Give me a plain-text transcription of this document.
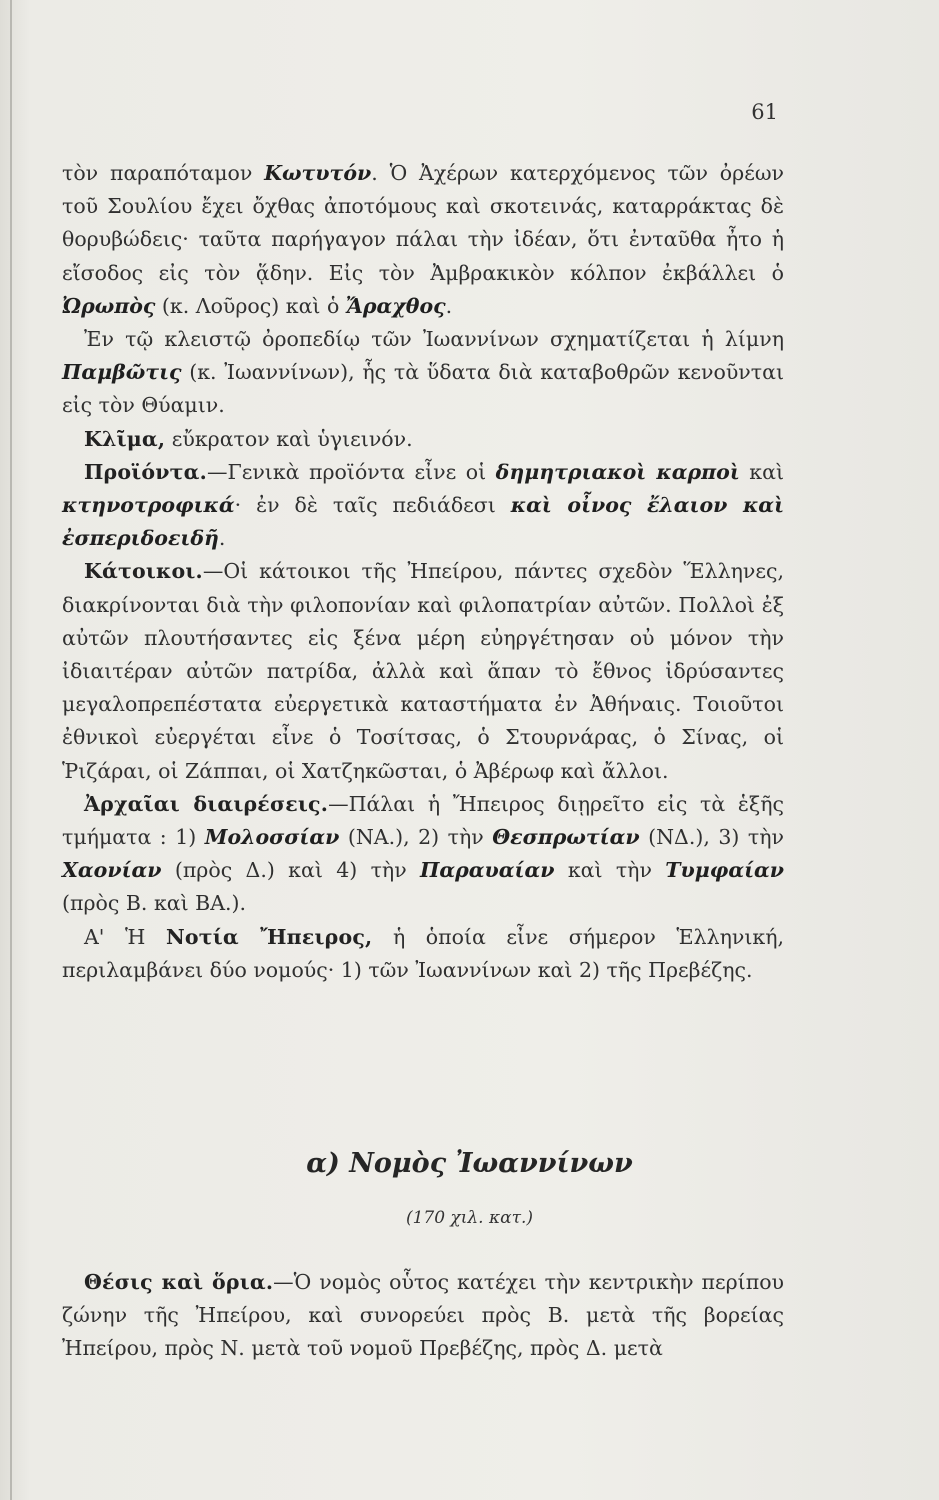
61

τὸν παραπόταμον Κωτυτόν. Ὁ Ἀχέρων κατερχόμενος τῶν ὀρέων τοῦ Σουλίου ἔχει ὄχθας ἀποτόμους καὶ σκοτεινάς, καταρράκτας δὲ θορυβώδεις· ταῦτα παρήγαγον πάλαι τὴν ἰδέαν, ὅτι ἐνταῦθα ἦτο ἡ εἴσοδος εἰς τὸν ᾅδην. Εἰς τὸν Ἀμβρακικὸν κόλπον ἐκβάλλει ὁ Ὠρωπὸς (κ. Λοῦρος) καὶ ὁ Ἄραχθος.

Ἐν τῷ κλειστῷ ὀροπεδίῳ τῶν Ἰωαννίνων σχηματίζεται ἡ λίμνη Παμβῶτις (κ. Ἰωαννίνων), ἧς τὰ ὕδατα διὰ καταβοθρῶν κενοῦνται εἰς τὸν Θύαμιν.

Κλῖμα, εὔκρατον καὶ ὑγιεινόν.

Προϊόντα.—Γενικὰ προϊόντα εἶνε οἱ δημητριακοὶ καρποὶ καὶ κτηνοτροφικά· ἐν δὲ ταῖς πεδιάδεσι καὶ οἶνος ἔλαιον καὶ ἐσπεριδοειδῆ.

Κάτοικοι.—Οἱ κάτοικοι τῆς Ἠπείρου, πάντες σχεδὸν Ἕλληνες, διακρίνονται διὰ τὴν φιλοπονίαν καὶ φιλοπατρίαν αὐτῶν. Πολλοὶ ἐξ αὐτῶν πλουτήσαντες εἰς ξένα μέρη εὐηργέτησαν οὐ μόνον τὴν ἰδιαιτέραν αὐτῶν πατρίδα, ἀλλὰ καὶ ἅπαν τὸ ἔθνος ἱδρύσαντες μεγαλοπρεπέστατα εὐεργετικὰ καταστήματα ἐν Ἀθήναις. Τοιοῦτοι ἐθνικοὶ εὐεργέται εἶνε ὁ Τοσίτσας, ὁ Στουρνάρας, ὁ Σίνας, οἱ Ῥιζάραι, οἱ Ζάππαι, οἱ Χατζηκῶσται, ὁ Ἀβέρωφ καὶ ἄλλοι.

Ἀρχαῖαι διαιρέσεις.—Πάλαι ἡ Ἤπειρος διῃρεῖτο εἰς τὰ ἑξῆς τμήματα : 1) Μολοσσίαν (ΝΑ.), 2) τὴν Θεσπρωτίαν (ΝΔ.), 3) τὴν Χαονίαν (πρὸς Δ.) καὶ 4) τὴν Παραυαίαν καὶ τὴν Τυμφαίαν (πρὸς Β. καὶ ΒΑ.).

Α' Ἡ Νοτία Ἤπειρος, ἡ ὁποία εἶνε σήμερον Ἑλληνική, περιλαμβάνει δύο νομούς· 1) τῶν Ἰωαννίνων καὶ 2) τῆς Πρεβέζης.

α) Νομὸς Ἰωαννίνων
(170 χιλ. κατ.)

Θέσις καὶ ὅρια.—Ὁ νομὸς οὗτος κατέχει τὴν κεντρικὴν περίπου ζώνην τῆς Ἠπείρου, καὶ συνορεύει πρὸς Β. μετὰ τῆς βορείας Ἠπείρου, πρὸς Ν. μετὰ τοῦ νομοῦ Πρεβέζης, πρὸς Δ. μετὰ
